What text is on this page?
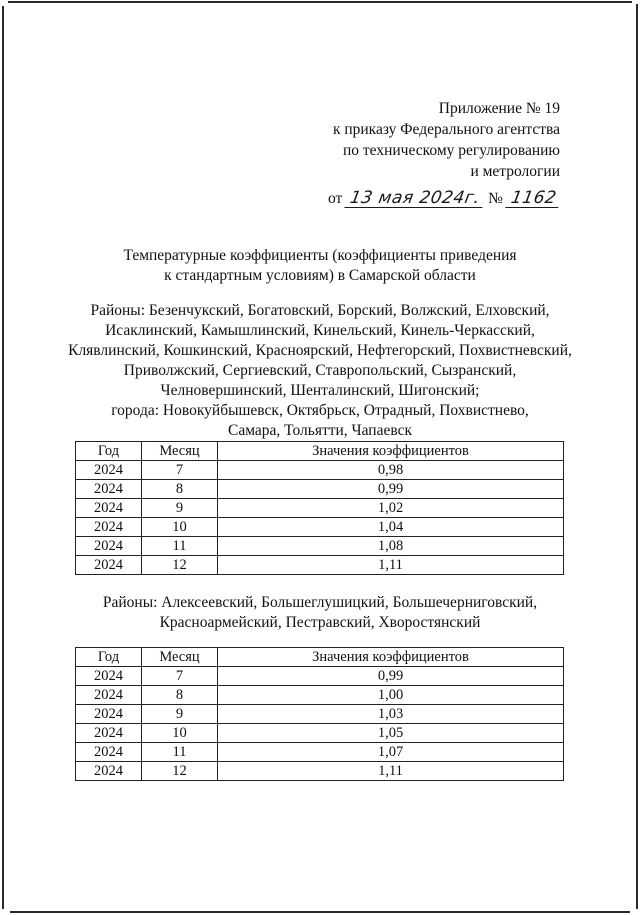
Приложение № 19
к приказу Федерального агентства
по техническому регулированию
и метрологии
от 13 мая 2024г. № 1162
Температурные коэффициенты (коэффициенты приведения
к стандартным условиям) в Самарской области

Районы: Безенчукский, Богатовский, Борский, Волжский, Елховский,

Исаклинский, Камышлинский, Кинельский, Кинель-Черкасский,

Клявлинский, Кошкинский, Красноярский, Нефтегорский, Похвистневский,

Приволжский, Сергиевский, Ставропольский, Сызранский,

Челновершинский, Шенталинский, Шигонский;

города: Новокуйбышевск, Октябрьск, Отрадный, Похвистнево,

Самара, Тольятти, Чапаевск

Год	Месяц	Значения коэффициентов
2024	7	0,98
2024	8	0,99
2024	9	1,02
2024	10	1,04
2024	11	1,08
2024	12	1,11

Районы: Алексеевский, Большеглушицкий, Большечерниговский,

Красноармейский, Пестравский, Хворостянский

Год	Месяц	Значения коэффициентов
2024	7	0,99
2024	8	1,00
2024	9	1,03
2024	10	1,05
2024	11	1,07
2024	12	1,11
